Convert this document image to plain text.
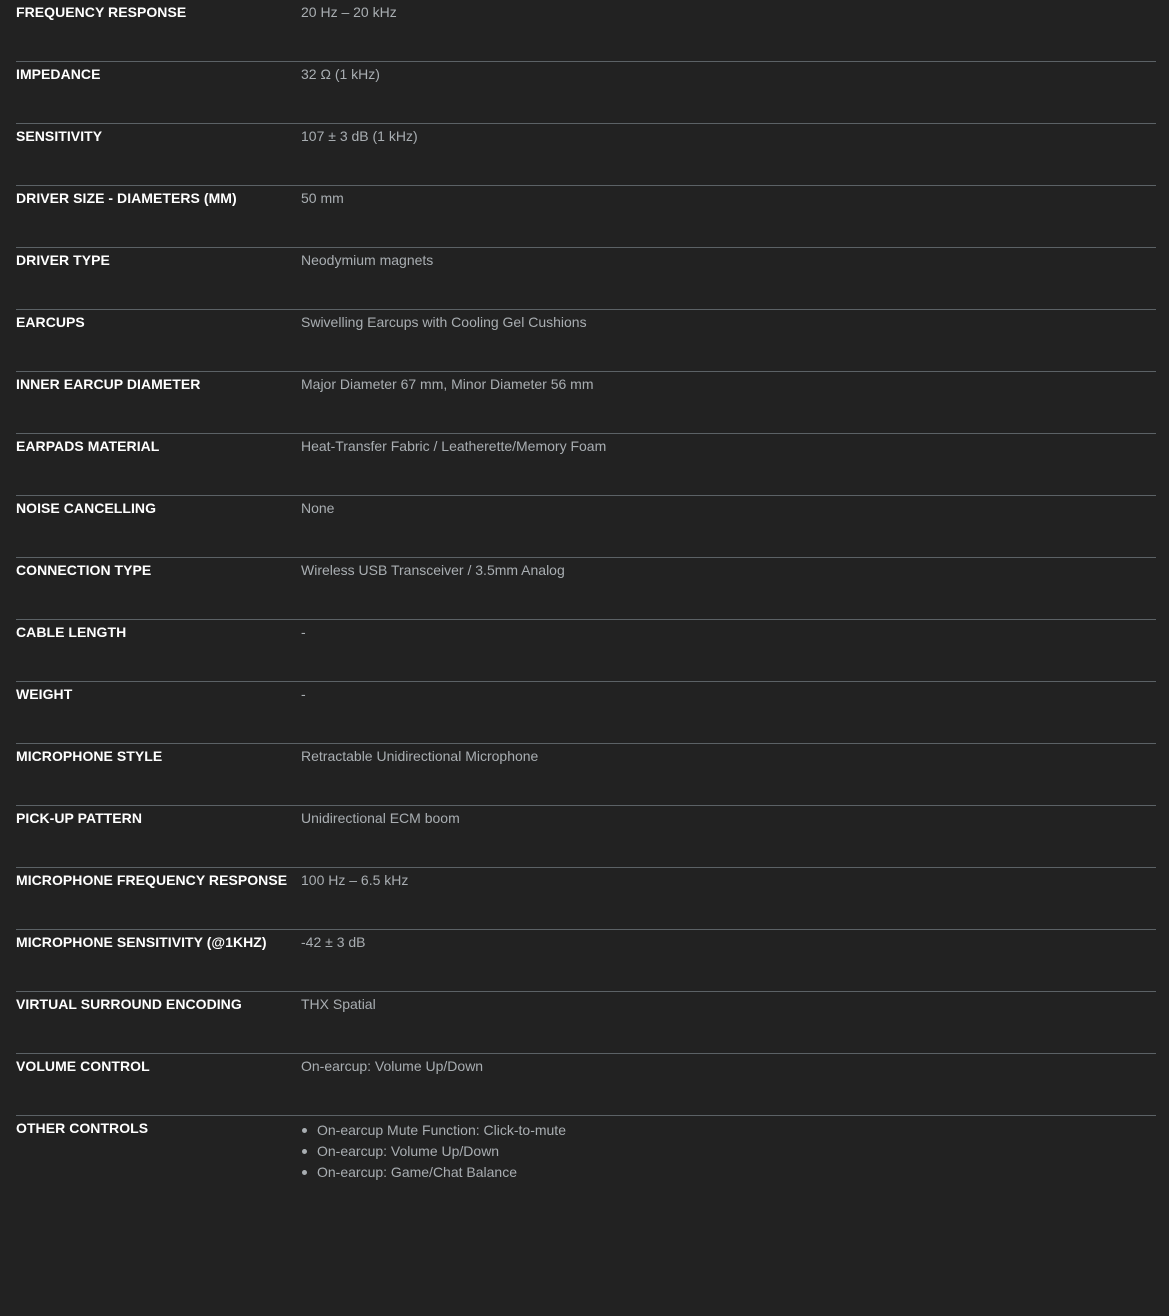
FREQUENCY RESPONSE	20 Hz – 20 kHz
IMPEDANCE	32 Ω (1 kHz)
SENSITIVITY	107 ± 3 dB (1 kHz)
DRIVER SIZE - DIAMETERS (MM)	50 mm
DRIVER TYPE	Neodymium magnets
EARCUPS	Swivelling Earcups with Cooling Gel Cushions
INNER EARCUP DIAMETER	Major Diameter 67 mm, Minor Diameter 56 mm
EARPADS MATERIAL	Heat-Transfer Fabric / Leatherette/Memory Foam
NOISE CANCELLING	None
CONNECTION TYPE	Wireless USB Transceiver / 3.5mm Analog
CABLE LENGTH	-
WEIGHT	-
MICROPHONE STYLE	Retractable Unidirectional Microphone
PICK-UP PATTERN	Unidirectional ECM boom
MICROPHONE FREQUENCY RESPONSE 100 Hz – 6.5 kHz
MICROPHONE SENSITIVITY (@1KHZ) -42 ± 3 dB
VIRTUAL SURROUND ENCODING	THX Spatial
VOLUME CONTROL	On-earcup: Volume Up/Down
OTHER CONTROLS	On-earcup Mute Function: Click-to-mute
On-earcup: Volume Up/Down
On-earcup: Game/Chat Balance
